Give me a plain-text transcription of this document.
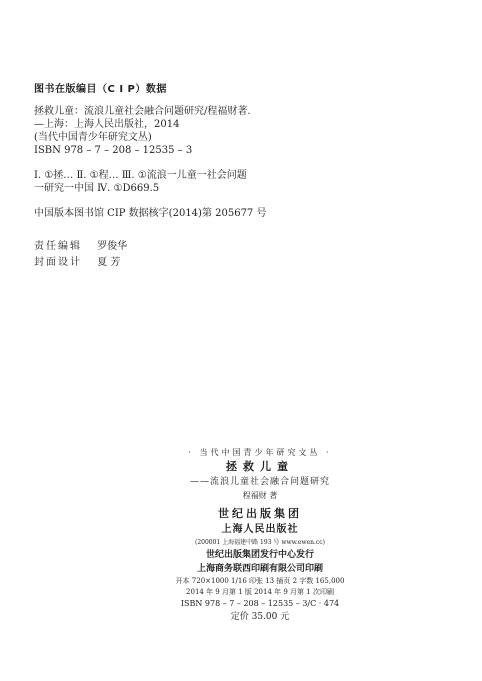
图书在版编目（C I P）数据
拯救儿童：流浪儿童社会融合问题研究/程福财著.
—上海：上海人民出版社，2014
(当代中国青少年研究文丛)
ISBN 978 – 7 – 208 – 12535 – 3
Ⅰ. ①拯… Ⅱ. ①程… Ⅲ. ①流浪一儿童一社会问题
一研究一中国 Ⅳ. ①D669.5
中国版本图书馆 CIP 数据核字(2014)第 205677 号
责任编辑 罗俊华
封面设计 夏 芳
· 当代中国青少年研究文丛 ·
拯救儿童
——流浪儿童社会融合问题研究
程福财 著
世纪出版集团
上海人民出版社
(200001 上海福建中路 193 号 www.ewen.cc)
世纪出版集团发行中心发行
上海商务联西印刷有限公司印刷
开本 720×1000 1/16 印张 13 插页 2 字数 165,000
2014 年 9 月第 1 版 2014 年 9 月第 1 次印刷
ISBN 978 – 7 – 208 – 12535 – 3/C · 474
定价 35.00 元
